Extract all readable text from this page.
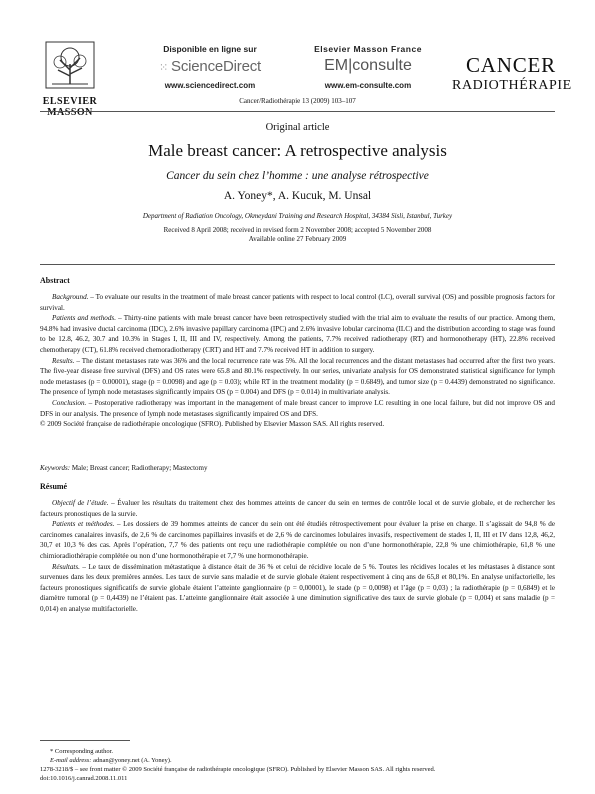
ELSEVIER
MASSON
Disponible en ligne sur
⁙ ScienceDirect
www.sciencedirect.com
Elsevier Masson France
EM|consulte
www.em-consulte.com
CANCER
RADIOTHÉRAPIE
Cancer/Radiothérapie 13 (2009) 103–107
Original article
Male breast cancer: A retrospective analysis
Cancer du sein chez l’homme : une analyse rétrospective
A. Yoney*, A. Kucuk, M. Unsal
Department of Radiation Oncology, Okmeydani Training and Research Hospital, 34384 Sisli, Istanbul, Turkey
Received 8 April 2008; received in revised form 2 November 2008; accepted 5 November 2008
Available online 27 February 2009
Abstract

Background. – To evaluate our results in the treatment of male breast cancer patients with respect to local control (LC), overall survival (OS) and possible prognosis factors for survival.

Patients and methods. – Thirty-nine patients with male breast cancer have been retrospectively studied with the trial aim to evaluate the results of our practice. Among them, 94.8% had invasive ductal carcinoma (IDC), 2.6% invasive papillary carcinoma (IPC) and 2.6% invasive lobular carcinoma (ILC) and the distribution according to stage was found to be 12.8, 46.2, 30.7 and 10.3% in Stages I, II, III and IV, respectively. Among the patients, 7.7% received radiotherapy (RT) and hormonotherapy (HT), 22.8% received chemotherapy (CT), 61.8% received chemoradiotherapy (CRT) and HT and 7.7% received HT in addition to surgery.

Results. – The distant metastases rate was 36% and the local recurrence rate was 5%. All the local recurrences and the distant metastases had occurred after the first two years. The five-year disease free survival (DFS) and OS rates were 65.8 and 80.1% respectively. In our series, univariate analysis for OS demonstrated statistical significance for lymph node metastases (p = 0.00001), stage (p = 0.0098) and age (p = 0.03); while RT in the treatment modality (p = 0.6849), and tumor size (p = 0.4439) demonstrated no significance. The presence of lymph node metastases significantly impairs OS (p = 0.004) and DFS (p = 0.014) in multivariate analysis.

Conclusion. – Postoperative radiotherapy was important in the management of male breast cancer to improve LC resulting in one local failure, but did not improve OS and DFS in our analysis. The presence of lymph node metastases significantly impaired OS and DFS.

© 2009 Société française de radiothérapie oncologique (SFRO). Published by Elsevier Masson SAS. All rights reserved.

Keywords: Male; Breast cancer; Radiotherapy; Mastectomy
Résumé

Objectif de l’étude. – Évaluer les résultats du traitement chez des hommes atteints de cancer du sein en termes de contrôle local et de survie globale, et de rechercher les facteurs pronostiques de la survie.

Patients et méthodes. – Les dossiers de 39 hommes atteints de cancer du sein ont été étudiés rétrospectivement pour évaluer la prise en charge. Il s’agissait de 94,8 % de carcinomes canalaires invasifs, de 2,6 % de carcinomes papillaires invasifs et de 2,6 % de carcinomes lobulaires invasifs, respectivement de stades I, II, III et IV dans 12,8, 46,2, 30,7 et 10,3 % des cas. Après l’opération, 7,7 % des patients ont reçu une radiothérapie complétée ou non d’une hormonothérapie, 22,8 % une chimiothérapie, 61,8 % une chimioradiothérapie complétée ou non d’une hormonothérapie et 7,7 % une hormonothérapie.

Résultats. – Le taux de dissémination métastatique à distance était de 36 % et celui de récidive locale de 5 %. Toutes les récidives locales et les métastases à distance sont survenues dans les deux premières années. Les taux de survie sans maladie et de survie globale étaient respectivement à cinq ans de 65,8 et 80,1%. En analyse unifactorielle, les facteurs pronostiques significatifs de survie globale étaient l’atteinte ganglionnaire (p = 0,00001), le stade (p = 0,0098) et l’âge (p = 0,03) ; la radiothérapie (p = 0,6849) et le diamètre tumoral (p = 0,4439) ne l’étaient pas. L’atteinte ganglionnaire était associée à une diminution significative des taux de survie globale (p = 0,004) et sans maladie (p = 0,014) en analyse multifactorielle.

* Corresponding author.
E-mail address: adnan@yoney.net (A. Yoney).
1278-3218/$ – see front matter © 2009 Société française de radiothérapie oncologique (SFRO). Published by Elsevier Masson SAS. All rights reserved.
doi:10.1016/j.canrad.2008.11.011
